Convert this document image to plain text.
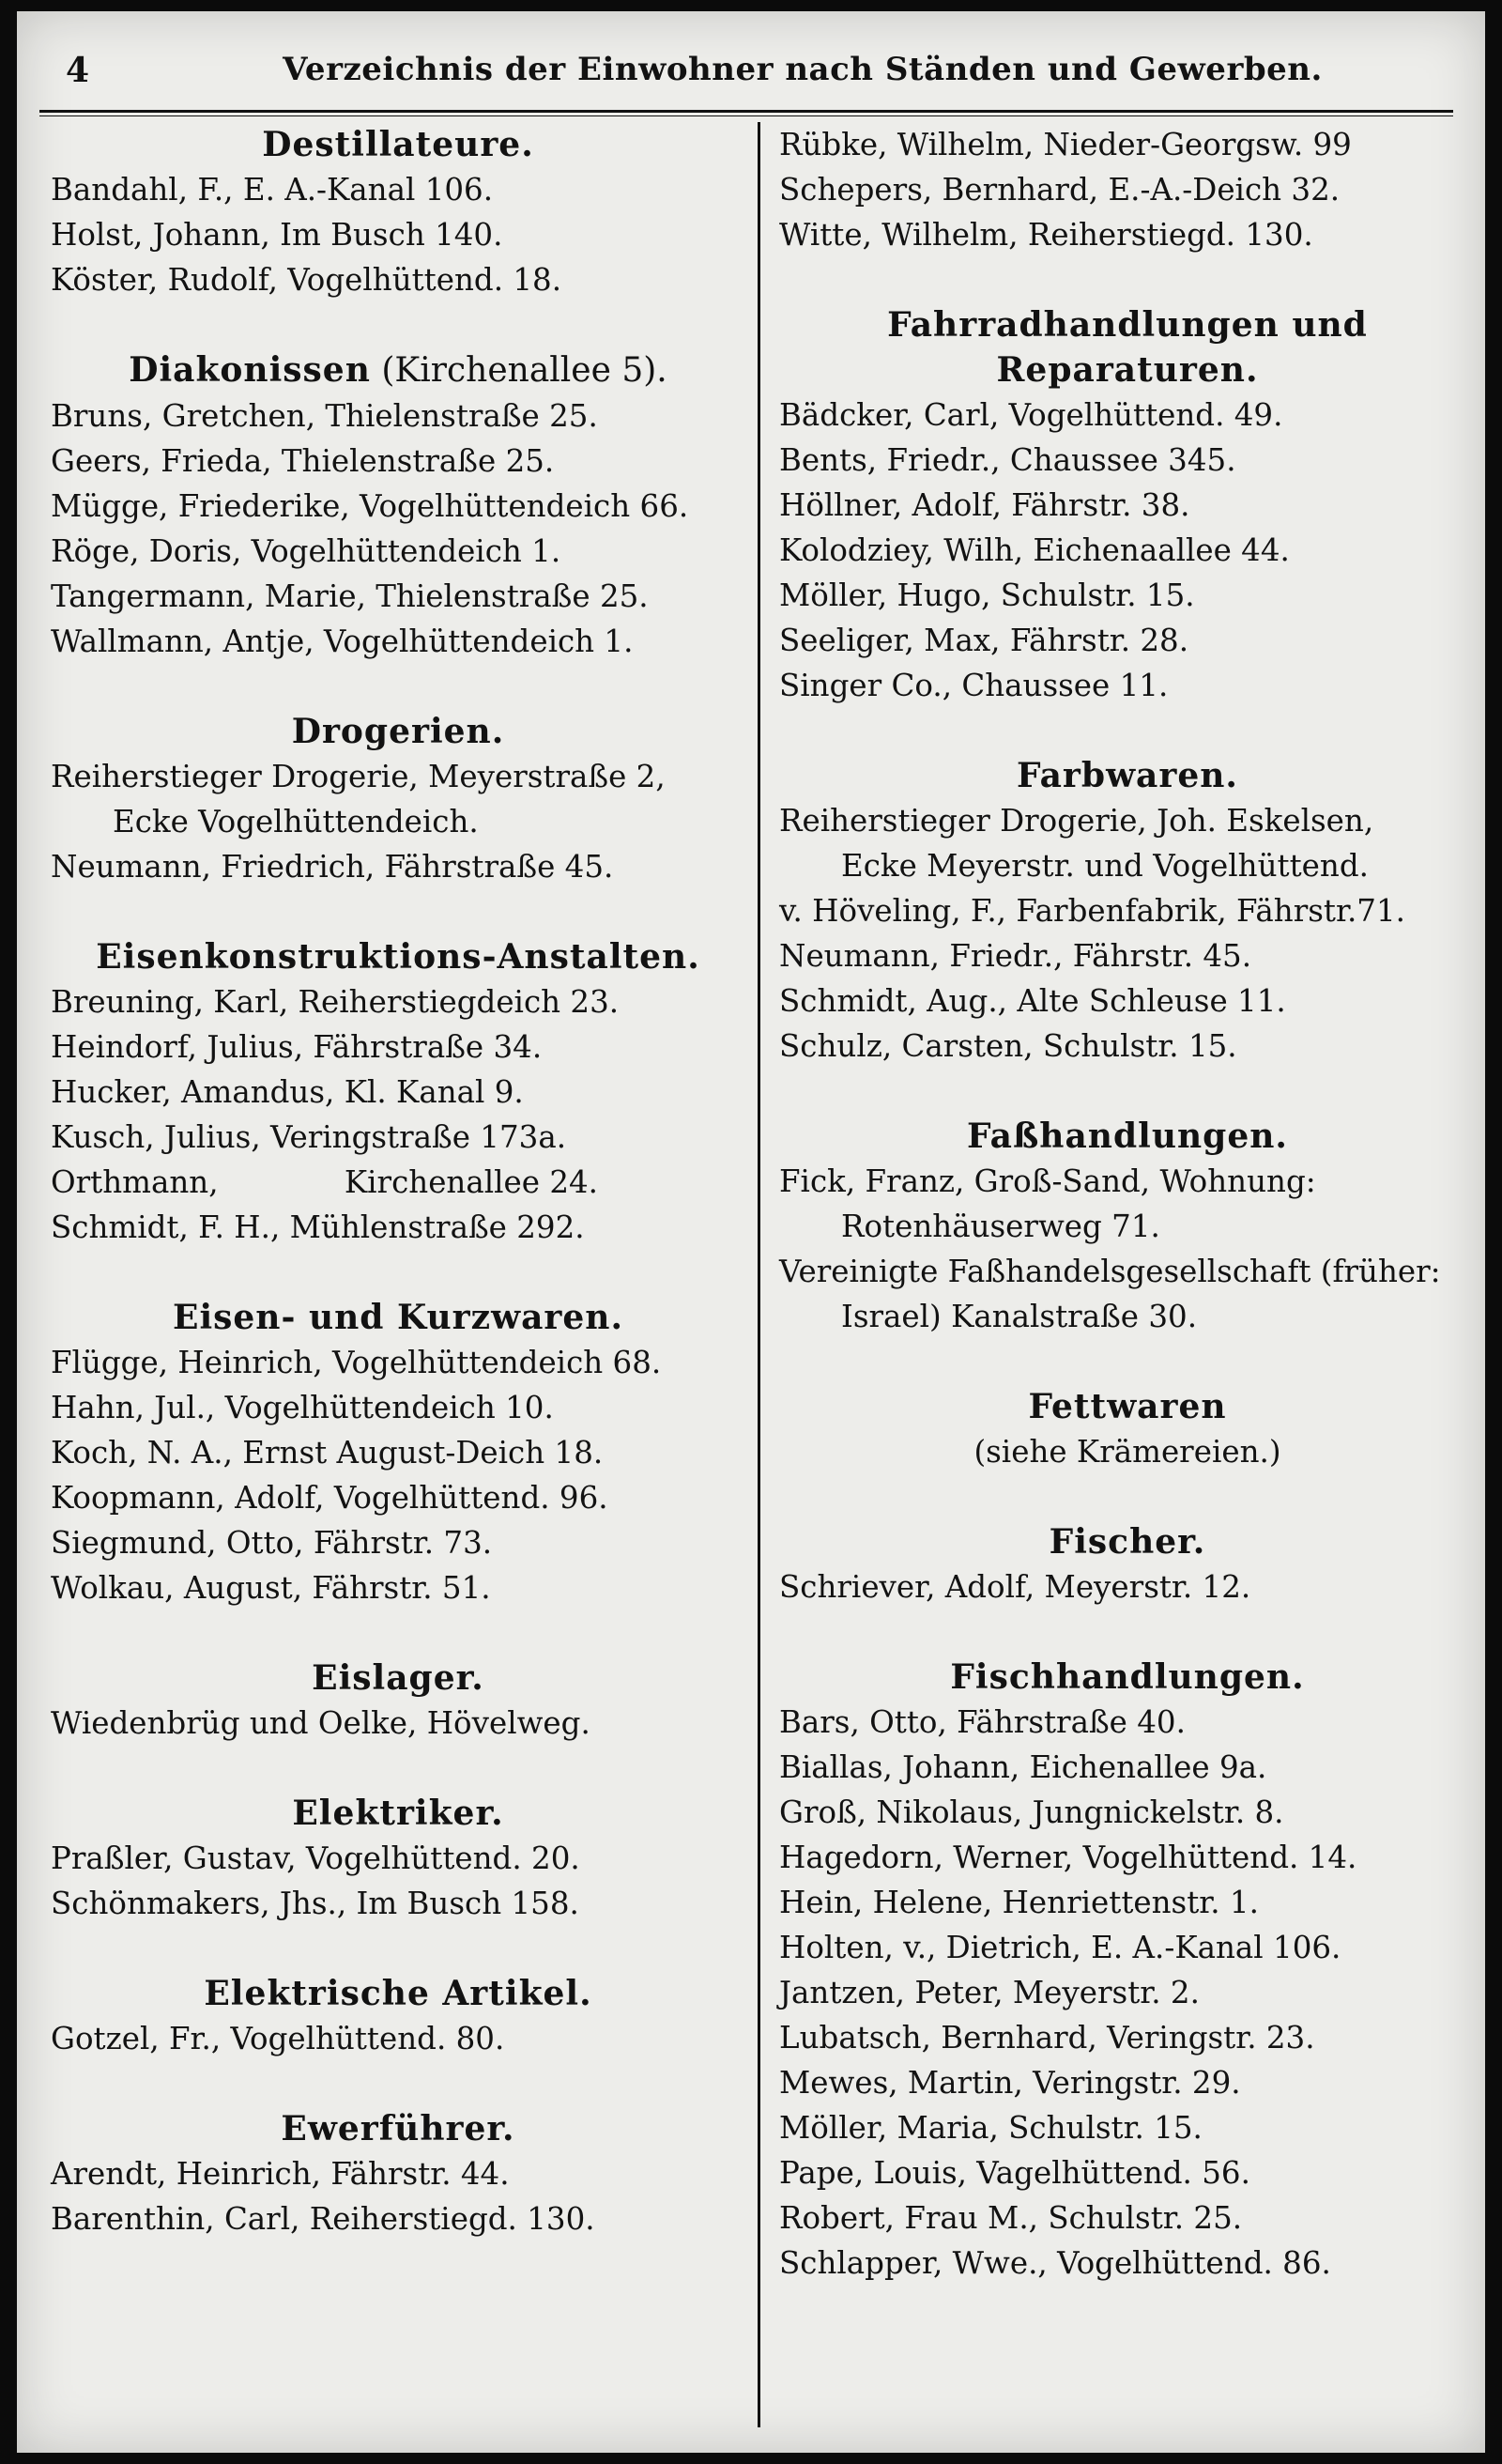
4	Verzeichnis der Einwohner nach Ständen und Gewerben.
Destillateure.
Bandahl, F., E. A.-Kanal 106.
Holst, Johann, Im Busch 140.
Köster, Rudolf, Vogelhüttend. 18.
Diakonissen (Kirchenallee 5).
Bruns, Gretchen, Thielenstraße 25.
Geers, Frieda, Thielenstraße 25.
Mügge, Friederike, Vogelhüttendeich 66.
Röge, Doris, Vogelhüttendeich 1.
Tangermann, Marie, Thielenstraße 25.
Wallmann, Antje, Vogelhüttendeich 1.
Drogerien.
Reiherstieger Drogerie, Meyerstraße 2,
Ecke Vogelhüttendeich.
Neumann, Friedrich, Fährstraße 45.
Eisenkonstruktions-Anstalten.
Breuning, Karl, Reiherstiegdeich 23.
Heindorf, Julius, Fährstraße 34.
Hucker, Amandus, Kl. Kanal 9.
Kusch, Julius, Veringstraße 173a.
Orthmann,             Kirchenallee 24.
Schmidt, F. H., Mühlenstraße 292.
Eisen- und Kurzwaren.
Flügge, Heinrich, Vogelhüttendeich 68.
Hahn, Jul., Vogelhüttendeich 10.
Koch, N. A., Ernst August-Deich 18.
Koopmann, Adolf, Vogelhüttend. 96.
Siegmund, Otto, Fährstr. 73.
Wolkau, August, Fährstr. 51.
Eislager.
Wiedenbrüg und Oelke, Hövelweg.
Elektriker.
Praßler, Gustav, Vogelhüttend. 20.
Schönmakers, Jhs., Im Busch 158.
Elektrische Artikel.
Gotzel, Fr., Vogelhüttend. 80.
Ewerführer.
Arendt, Heinrich, Fährstr. 44.
Barenthin, Carl, Reiherstiegd. 130.
Rübke, Wilhelm, Nieder-Georgsw. 99
Schepers, Bernhard, E.-A.-Deich 32.
Witte, Wilhelm, Reiherstiegd. 130.
Fahrradhandlungen und
Reparaturen.
Bädcker, Carl, Vogelhüttend. 49.
Bents, Friedr., Chaussee 345.
Höllner, Adolf, Fährstr. 38.
Kolodziey, Wilh, Eichenaallee 44.
Möller, Hugo, Schulstr. 15.
Seeliger, Max, Fährstr. 28.
Singer Co., Chaussee 11.
Farbwaren.
Reiherstieger Drogerie, Joh. Eskelsen,
Ecke Meyerstr. und Vogelhüttend.
v. Höveling, F., Farbenfabrik, Fährstr.71.
Neumann, Friedr., Fährstr. 45.
Schmidt, Aug., Alte Schleuse 11.
Schulz, Carsten, Schulstr. 15.
Faßhandlungen.
Fick, Franz, Groß-Sand, Wohnung:
Rotenhäuserweg 71.
Vereinigte Faßhandelsgesellschaft (früher:
Israel) Kanalstraße 30.
Fettwaren
(siehe Krämereien.)
Fischer.
Schriever, Adolf, Meyerstr. 12.
Fischhandlungen.
Bars, Otto, Fährstraße 40.
Biallas, Johann, Eichenallee 9a.
Groß, Nikolaus, Jungnickelstr. 8.
Hagedorn, Werner, Vogelhüttend. 14.
Hein, Helene, Henriettenstr. 1.
Holten, v., Dietrich, E. A.-Kanal 106.
Jantzen, Peter, Meyerstr. 2.
Lubatsch, Bernhard, Veringstr. 23.
Mewes, Martin, Veringstr. 29.
Möller, Maria, Schulstr. 15.
Pape, Louis, Vagelhüttend. 56.
Robert, Frau M., Schulstr. 25.
Schlapper, Wwe., Vogelhüttend. 86.
